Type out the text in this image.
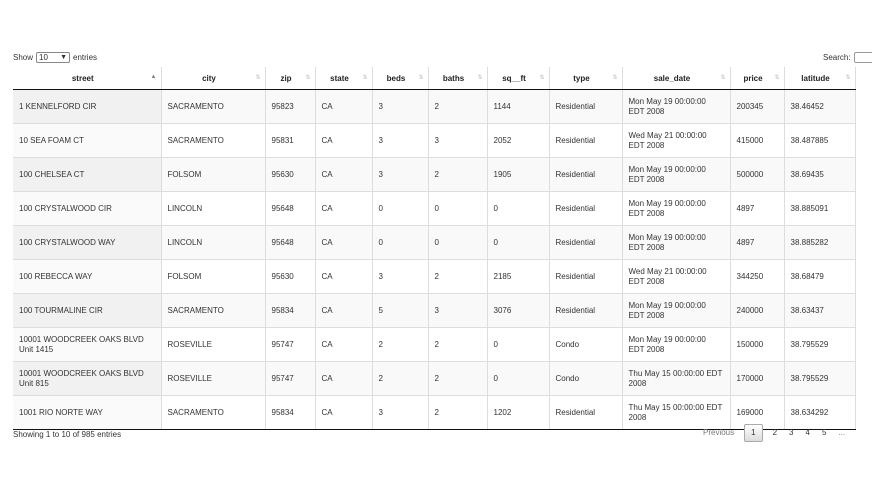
Show 10 ▼ entries	Search:
street ▲	city ⇅	zip ⇅	state ⇅	beds ⇅	baths ⇅	sq__ft ⇅	type ⇅	sale_date ⇅	price ⇅	latitude ⇅

1 KENNELFORD CIR	SACRAMENTO	95823	CA	3	2	1144	Residential	Mon May 19 00:00:00 EDT 2008	200345	38.46452
10 SEA FOAM CT	SACRAMENTO	95831	CA	3	3	2052	Residential	Wed May 21 00:00:00 EDT 2008	415000	38.487885
100 CHELSEA CT	FOLSOM	95630	CA	3	2	1905	Residential	Mon May 19 00:00:00 EDT 2008	500000	38.69435
100 CRYSTALWOOD CIR	LINCOLN	95648	CA	0	0	0	Residential	Mon May 19 00:00:00 EDT 2008	4897	38.885091
100 CRYSTALWOOD WAY	LINCOLN	95648	CA	0	0	0	Residential	Mon May 19 00:00:00 EDT 2008	4897	38.885282
100 REBECCA WAY	FOLSOM	95630	CA	3	2	2185	Residential	Wed May 21 00:00:00 EDT 2008	344250	38.68479
100 TOURMALINE CIR	SACRAMENTO	95834	CA	5	3	3076	Residential	Mon May 19 00:00:00 EDT 2008	240000	38.63437
10001 WOODCREEK OAKS BLVD Unit 1415	ROSEVILLE	95747	CA	2	2	0	Condo	Mon May 19 00:00:00 EDT 2008	150000	38.795529
10001 WOODCREEK OAKS BLVD Unit 815	ROSEVILLE	95747	CA	2	2	0	Condo	Thu May 15 00:00:00 EDT 2008	170000	38.795529
1001 RIO NORTE WAY	SACRAMENTO	95834	CA	3	2	1202	Residential	Thu May 15 00:00:00 EDT 2008	169000	38.634292
Showing 1 to 10 of 985 entries	Previous	1	2	3	4	5	...
